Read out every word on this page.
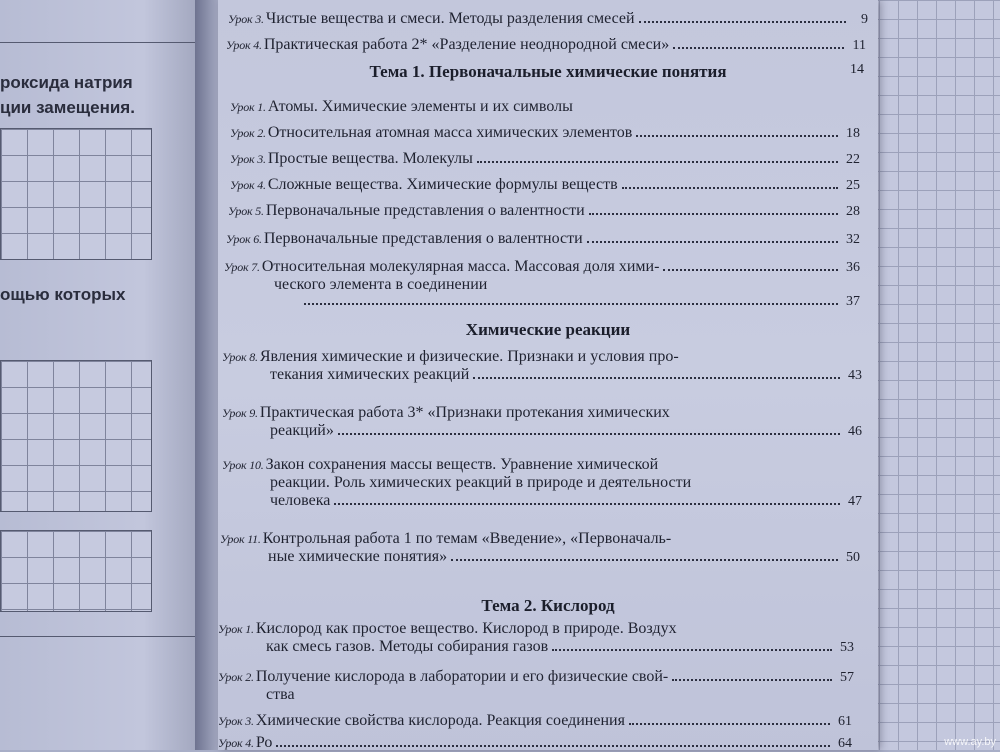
роксида натрия
ции замещения.
ощью которых
Урок 3. Чистые вещества и смеси. Методы разделения смесей	9
Урок 4. Практическая работа 2* «Разделение неоднородной смеси»	11
Тема 1. Первоначальные химические понятия	14
Урок 1. Атомы. Химические элементы и их символы
Урок 2. Относительная атомная масса химических элементов	18
Урок 3. Простые вещества. Молекулы	22
Урок 4. Сложные вещества. Химические формулы веществ	25
Урок 5. Первоначальные представления о валентности	28
Урок 6. Первоначальные представления о валентности	32
Урок 7. Относительная молекулярная масса. Массовая доля хими-	36
ческого элемента в соединении
37
Химические реакции
Урок 8. Явления химические и физические. Признаки и условия про-
текания химических реакций	43
Урок 9. Практическая работа 3* «Признаки протекания химических
реакций»	46
Урок 10. Закон сохранения массы веществ. Уравнение химической
реакции. Роль химических реакций в природе и деятельности
человека	47
Урок 11. Контрольная работа 1 по темам «Введение», «Первоначаль-
ные химические понятия»	50
Тема 2. Кислород
Урок 1. Кислород как простое вещество. Кислород в природе. Воздух
как смесь газов. Методы собирания газов	53
Урок 2. Получение кислорода в лаборатории и его физические свой-	57
ства
Урок 3. Химические свойства кислорода. Реакция соединения	61
Урок 4. Ро	64	www.ay.by
